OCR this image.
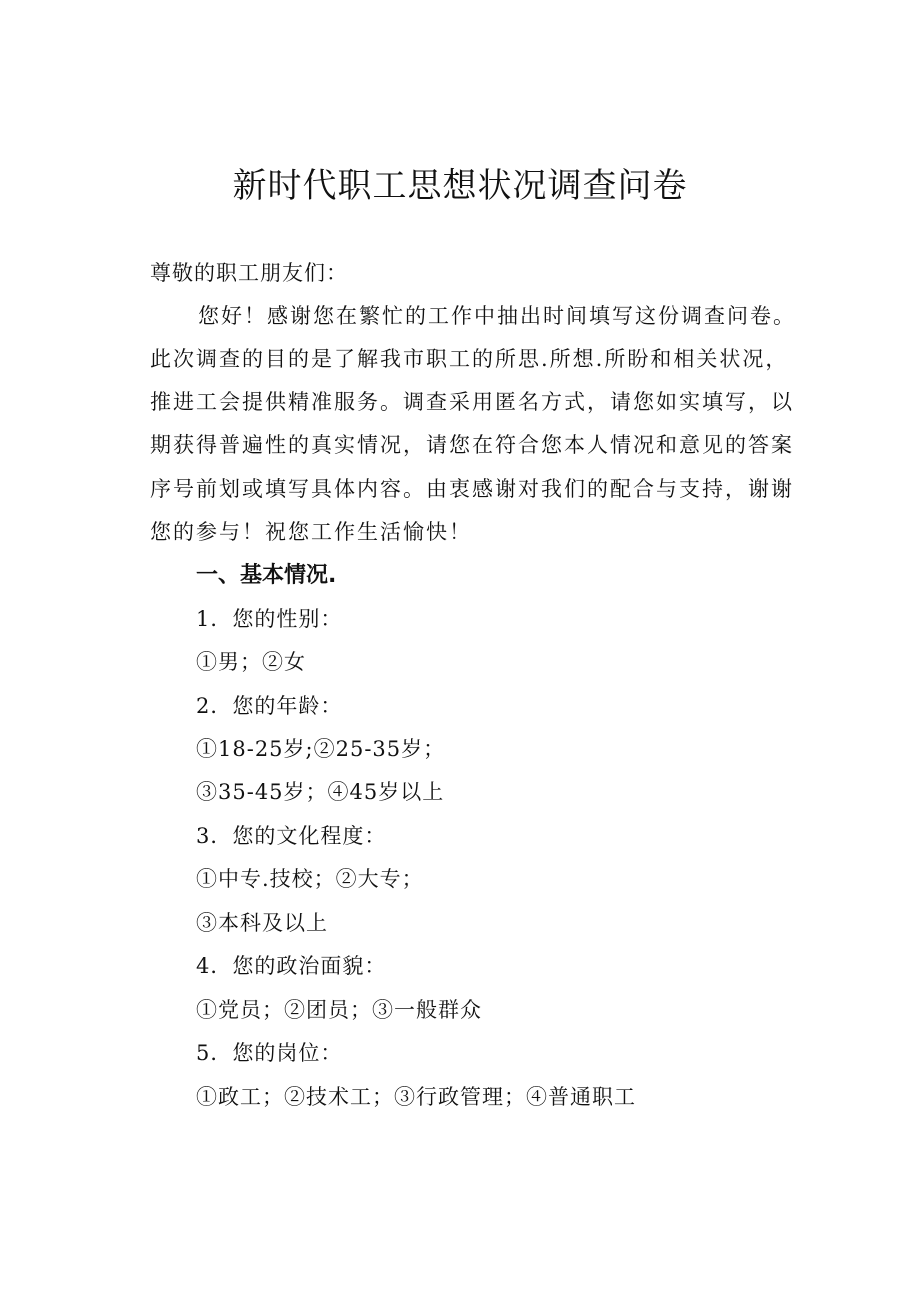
新时代职工思想状况调查问卷
尊敬的职工朋友们：
您好！感谢您在繁忙的工作中抽出时间填写这份调查问卷。
此次调查的目的是了解我市职工的所思.所想.所盼和相关状况，
推进工会提供精准服务。调查采用匿名方式，请您如实填写，以
期获得普遍性的真实情况，请您在符合您本人情况和意见的答案
序号前划或填写具体内容。由衷感谢对我们的配合与支持，谢谢
您的参与！祝您工作生活愉快！
一、基本情况.
1．您的性别：
①男；②女
2．您的年龄：
①18-25岁;②25-35岁；
③35-45岁；④45岁以上
3．您的文化程度：
①中专.技校；②大专；
③本科及以上
4．您的政治面貌：
①党员；②团员；③一般群众
5．您的岗位：
①政工；②技术工；③行政管理；④普通职工
